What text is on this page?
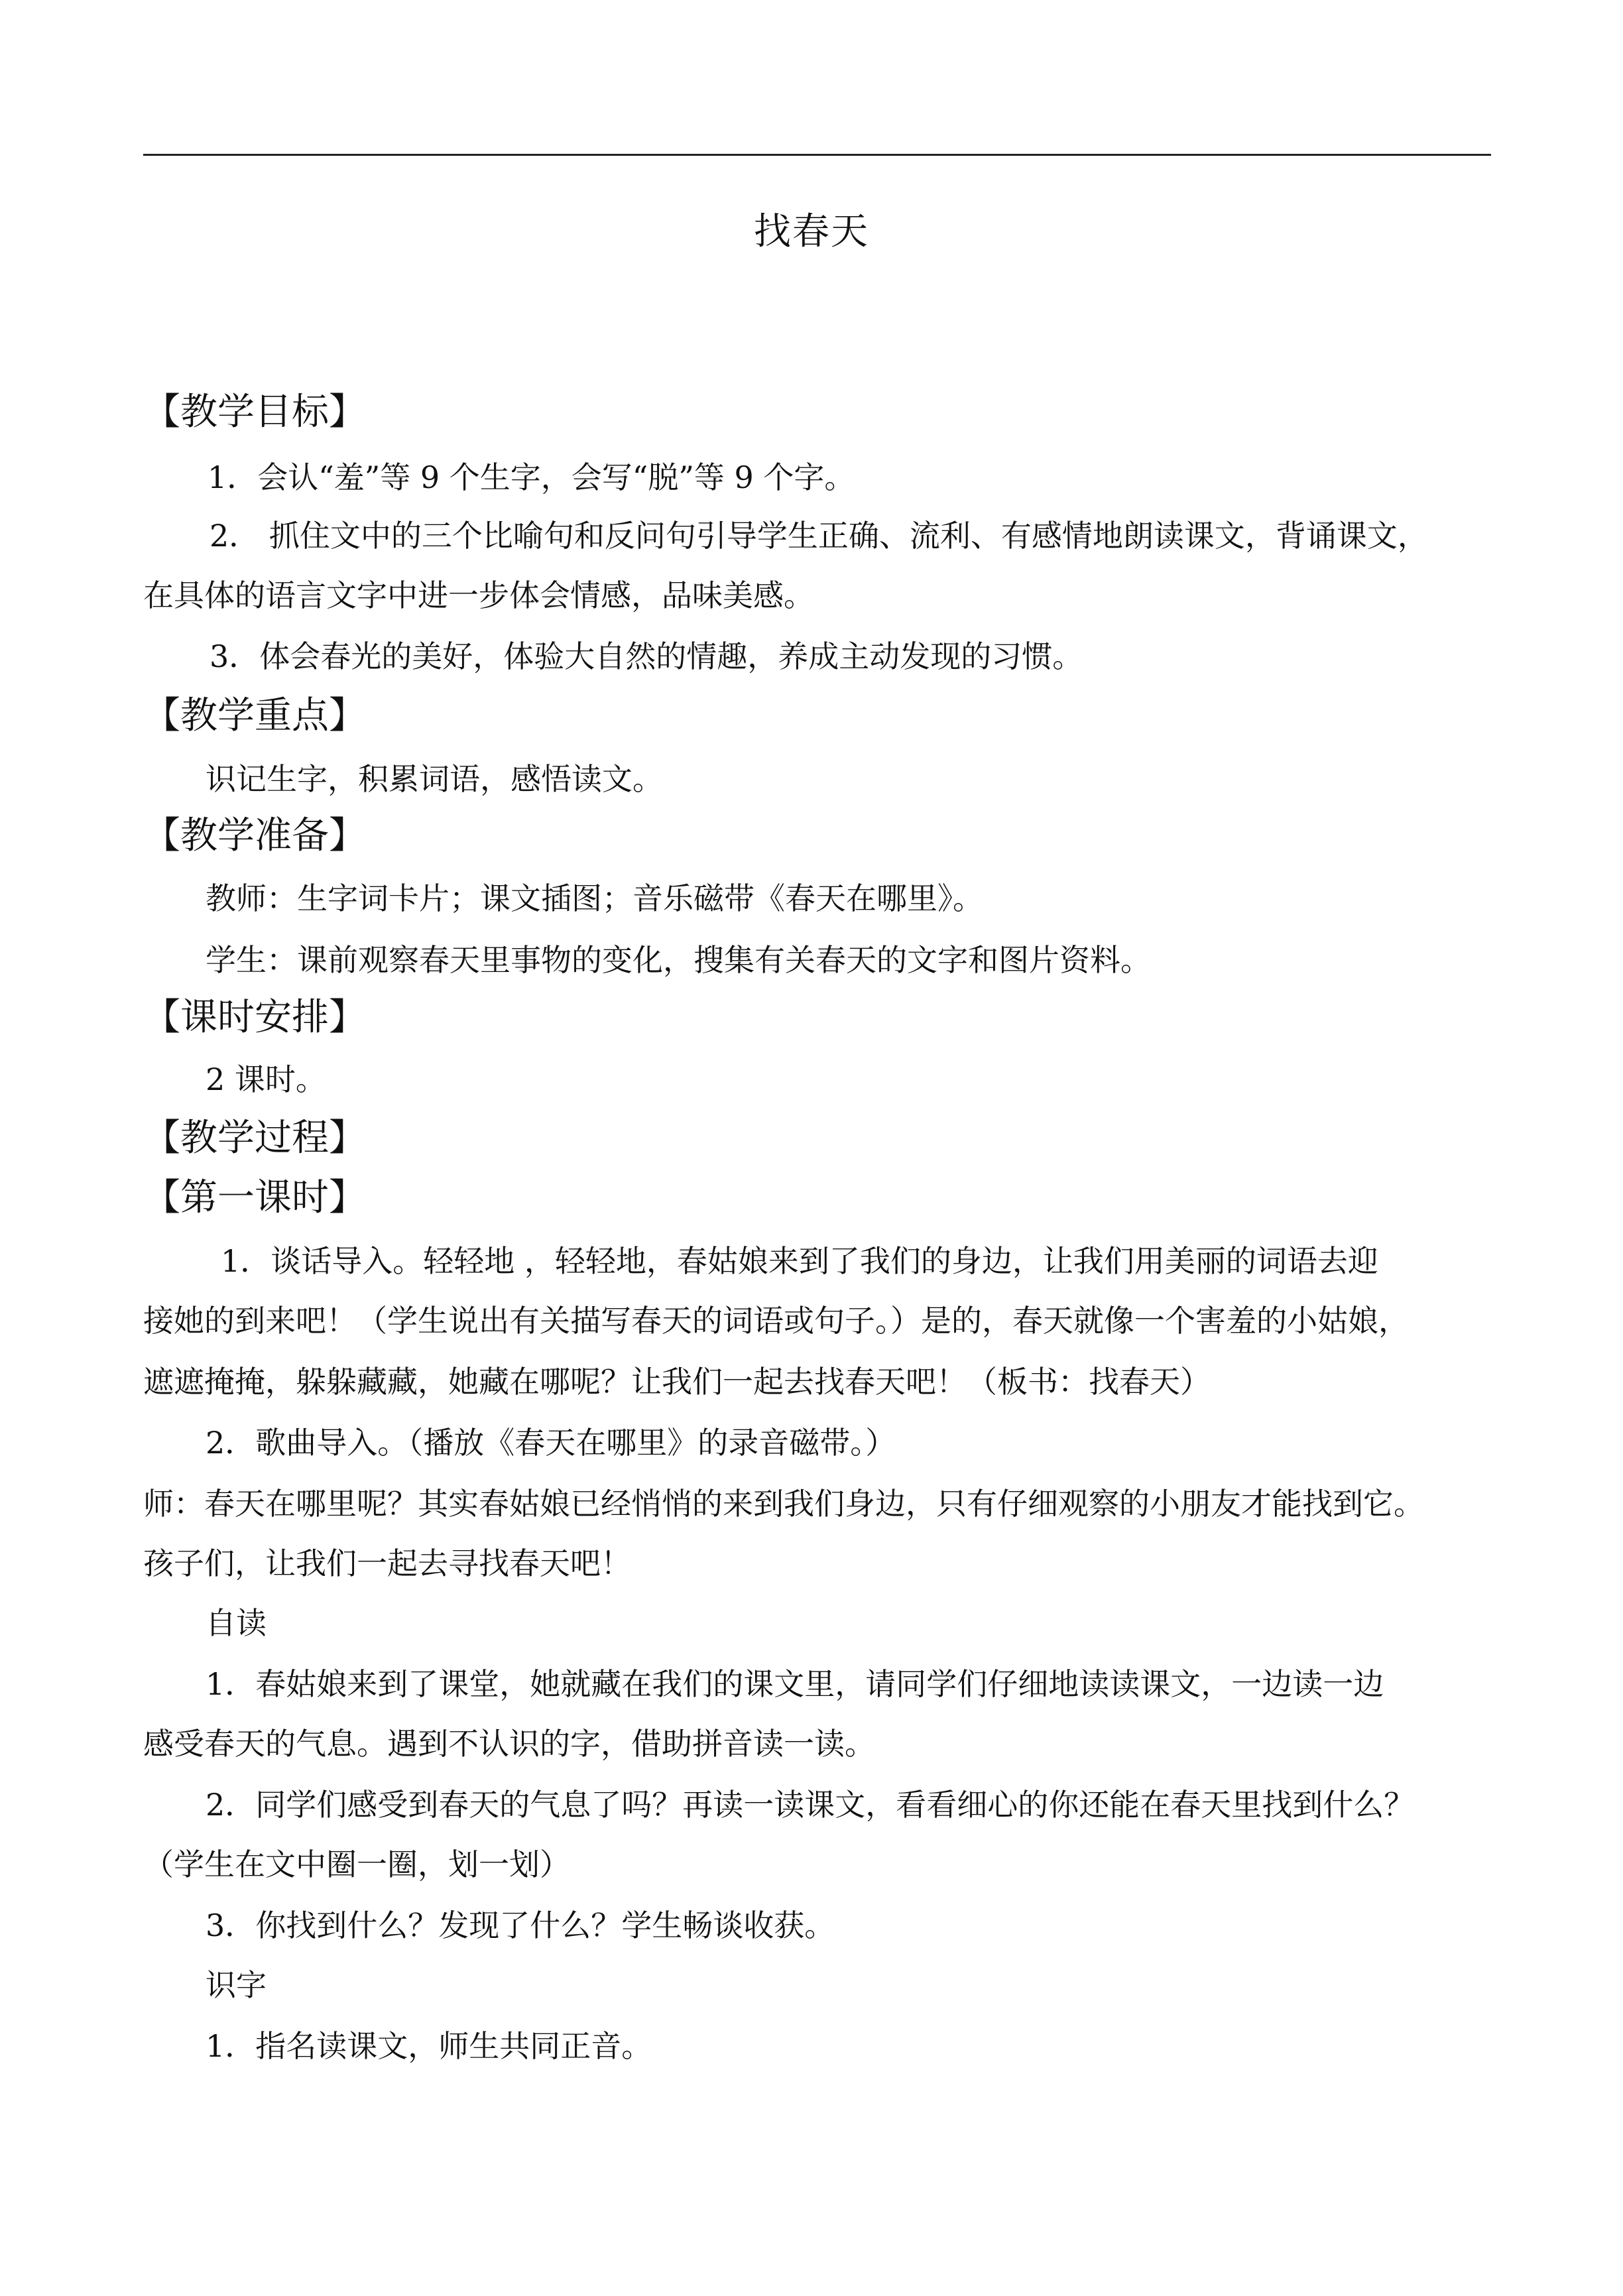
找春天
【教学目标】
1．会认“羞”等 9 个生字，会写“脱”等 9 个字。
2． 抓住文中的三个比喻句和反问句引导学生正确、流利、有感情地朗读课文，背诵课文，
在具体的语言文字中进一步体会情感，品味美感。
3．体会春光的美好，体验大自然的情趣，养成主动发现的习惯。
【教学重点】
识记生字，积累词语，感悟读文。
【教学准备】
教师：生字词卡片；课文插图；音乐磁带《春天在哪里》。
学生：课前观察春天里事物的变化，搜集有关春天的文字和图片资料。
【课时安排】
2 课时。
【教学过程】
【第一课时】
1．谈话导入。轻轻地 ，轻轻地，春姑娘来到了我们的身边，让我们用美丽的词语去迎
接她的到来吧！（学生说出有关描写春天的词语或句子。）是的，春天就像一个害羞的小姑娘，
遮遮掩掩，躲躲藏藏，她藏在哪呢？让我们一起去找春天吧！（板书：找春天）
2．歌曲导入。（播放《春天在哪里》的录音磁带。）
师：春天在哪里呢？其实春姑娘已经悄悄的来到我们身边，只有仔细观察的小朋友才能找到它。
孩子们，让我们一起去寻找春天吧！
自读
1．春姑娘来到了课堂，她就藏在我们的课文里，请同学们仔细地读读课文，一边读一边
感受春天的气息。遇到不认识的字，借助拼音读一读。
2．同学们感受到春天的气息了吗？再读一读课文，看看细心的你还能在春天里找到什么？
（学生在文中圈一圈，划一划）
3．你找到什么？发现了什么？学生畅谈收获。
识字
1．指名读课文，师生共同正音。
